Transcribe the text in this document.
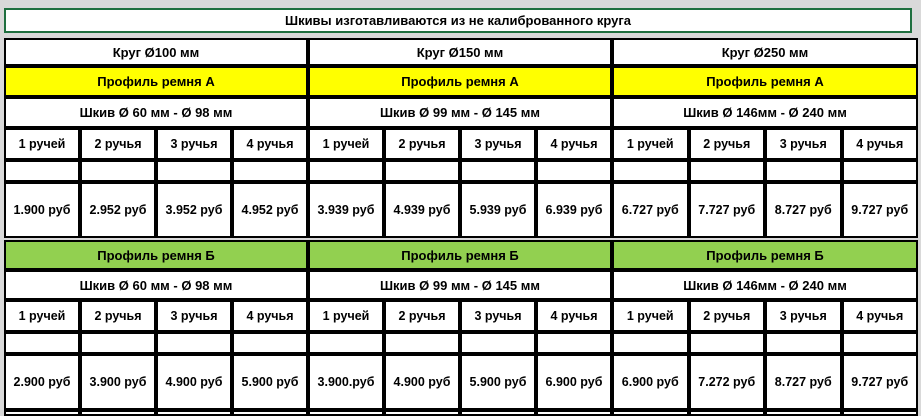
Шкивы изготавливаются из не калиброванного круга
Круг Ø100 мм
Профиль ремня А
Шкив Ø 60 мм - Ø 98 мм
1 ручей	2 ручья	3 ручья	4 ручья
1.900 руб	2.952 руб	3.952 руб	4.952 руб
Профиль ремня Б
Шкив Ø 60 мм - Ø 98 мм
1 ручей	2 ручья	3 ручья	4 ручья
2.900 руб	3.900 руб	4.900 руб	5.900 руб
Круг Ø150 мм
Профиль ремня А
Шкив Ø 99 мм - Ø 145 мм
1 ручей	2 ручья	3 ручья	4 ручья
3.939 руб	4.939 руб	5.939 руб	6.939 руб
Профиль ремня Б
Шкив Ø 99 мм - Ø 145 мм
1 ручей	2 ручья	3 ручья	4 ручья
3.900.руб	4.900 руб	5.900 руб	6.900 руб
Круг Ø250 мм
Профиль ремня А
Шкив Ø 146мм - Ø 240 мм
1 ручей	2 ручья	3 ручья	4 ручья
6.727 руб	7.727 руб	8.727 руб	9.727 руб
Профиль ремня Б
Шкив Ø 146мм - Ø 240 мм
1 ручей	2 ручья	3 ручья	4 ручья
6.900 руб	7.272 руб	8.727 руб	9.727 руб
